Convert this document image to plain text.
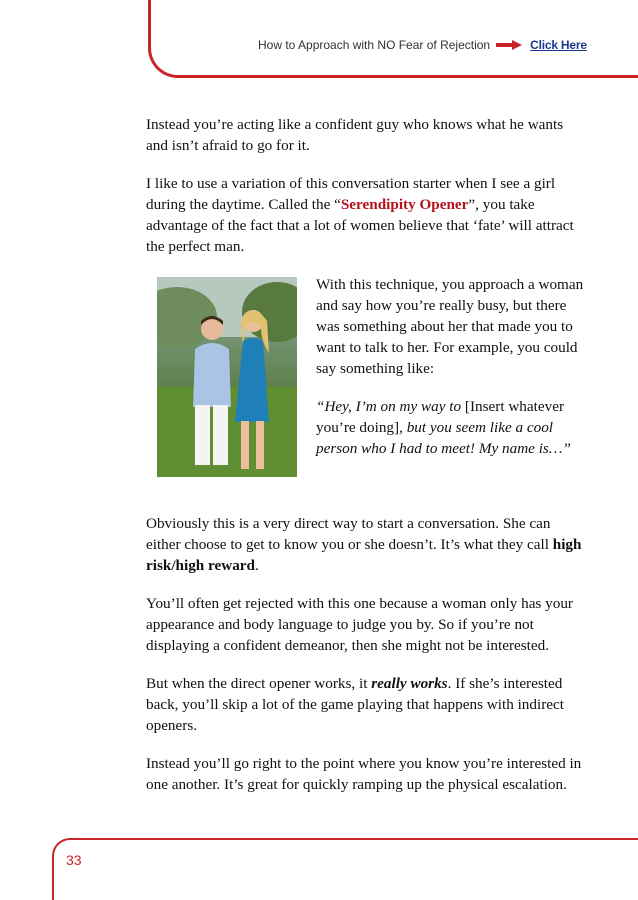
How to Approach with NO Fear of Rejection	Click Here

Instead you’re acting like a confident guy who knows what he wants and isn’t afraid to go for it.

I like to use a variation of this conversation starter when I see a girl during the daytime. Called the “Serendipity Opener”, you take advantage of the fact that a lot of women believe that ‘fate’ will attract the perfect man.

With this technique, you approach a woman and say how you’re really busy, but there was something about her that made you to want to talk to her. For example, you could say something like:

“Hey, I’m on my way to [Insert whatever you’re doing], but you seem like a cool person who I had to meet! My name is…”

Obviously this is a very direct way to start a conversation. She can either choose to get to know you or she doesn’t. It’s what they call high risk/high reward.

You’ll often get rejected with this one because a woman only has your appearance and body language to judge you by. So if you’re not displaying a confident demeanor, then she might not be interested.

But when the direct opener works, it really works. If she’s interested back, you’ll skip a lot of the game playing that happens with indirect openers.

Instead you’ll go right to the point where you know you’re interested in one another. It’s great for quickly ramping up the physical escalation.

33
